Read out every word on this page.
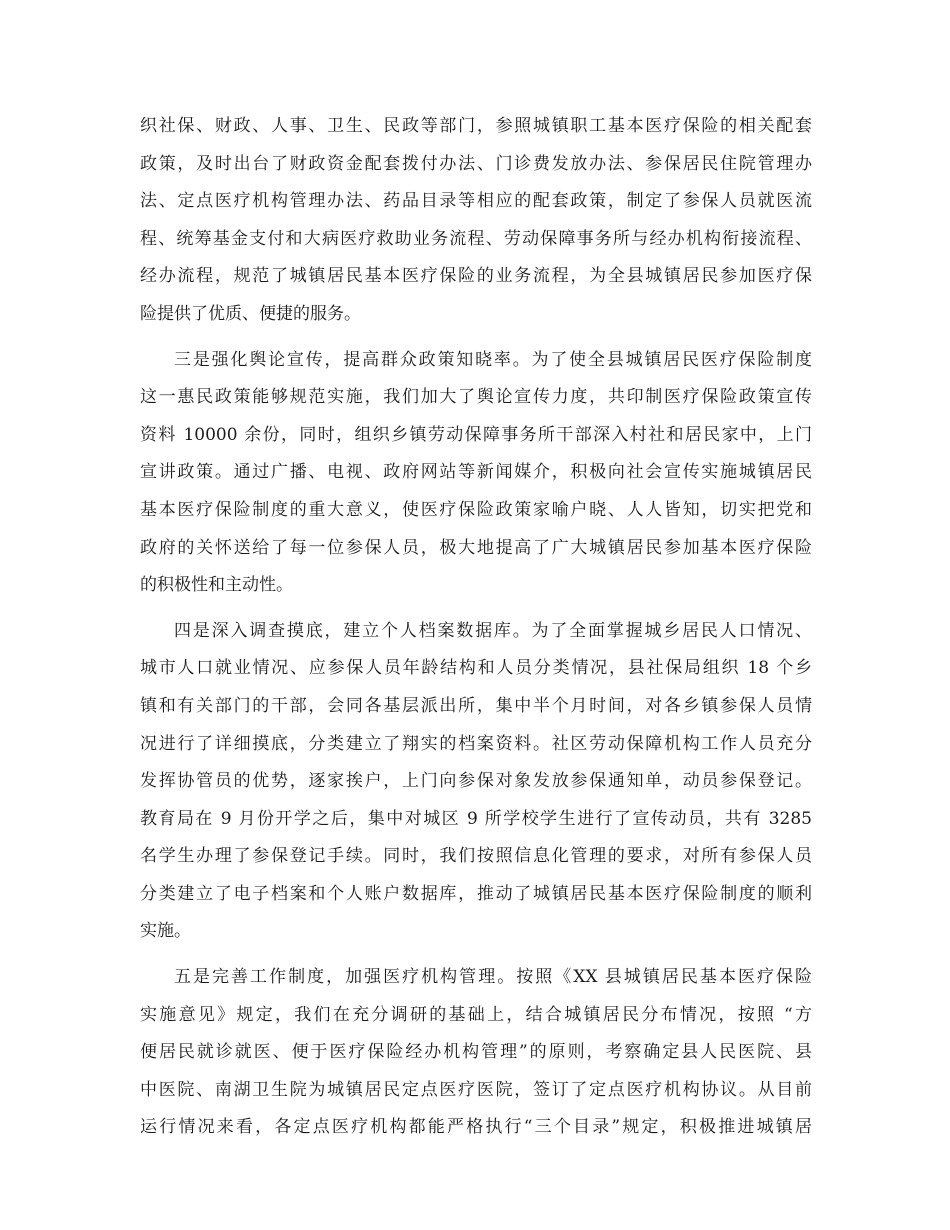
织社保、财政、人事、卫生、民政等部门，参照城镇职工基本医疗保险的相关配套
政策，及时出台了财政资金配套拨付办法、门诊费发放办法、参保居民住院管理办
法、定点医疗机构管理办法、药品目录等相应的配套政策，制定了参保人员就医流
程、统筹基金支付和大病医疗救助业务流程、劳动保障事务所与经办机构衔接流程、
经办流程，规范了城镇居民基本医疗保险的业务流程，为全县城镇居民参加医疗保
险提供了优质、便捷的服务。
三是强化舆论宣传，提高群众政策知晓率。为了使全县城镇居民医疗保险制度
这一惠民政策能够规范实施，我们加大了舆论宣传力度，共印制医疗保险政策宣传
资料 10000 余份，同时，组织乡镇劳动保障事务所干部深入村社和居民家中，上门
宣讲政策。通过广播、电视、政府网站等新闻媒介，积极向社会宣传实施城镇居民
基本医疗保险制度的重大意义，使医疗保险政策家喻户晓、人人皆知，切实把党和
政府的关怀送给了每一位参保人员，极大地提高了广大城镇居民参加基本医疗保险
的积极性和主动性。
四是深入调查摸底，建立个人档案数据库。为了全面掌握城乡居民人口情况、
城市人口就业情况、应参保人员年龄结构和人员分类情况，县社保局组织 18 个乡
镇和有关部门的干部，会同各基层派出所，集中半个月时间，对各乡镇参保人员情
况进行了详细摸底，分类建立了翔实的档案资料。社区劳动保障机构工作人员充分
发挥协管员的优势，逐家挨户，上门向参保对象发放参保通知单，动员参保登记。
教育局在 9 月份开学之后，集中对城区 9 所学校学生进行了宣传动员，共有 3285
名学生办理了参保登记手续。同时，我们按照信息化管理的要求，对所有参保人员
分类建立了电子档案和个人账户数据库，推动了城镇居民基本医疗保险制度的顺利
实施。
五是完善工作制度，加强医疗机构管理。按照《XX 县城镇居民基本医疗保险
实施意见》规定，我们在充分调研的基础上，结合城镇居民分布情况，按照 “方
便居民就诊就医、便于医疗保险经办机构管理”的原则，考察确定县人民医院、县
中医院、南湖卫生院为城镇居民定点医疗医院，签订了定点医疗机构协议。从目前
运行情况来看，各定点医疗机构都能严格执行“三个目录”规定，积极推进城镇居
